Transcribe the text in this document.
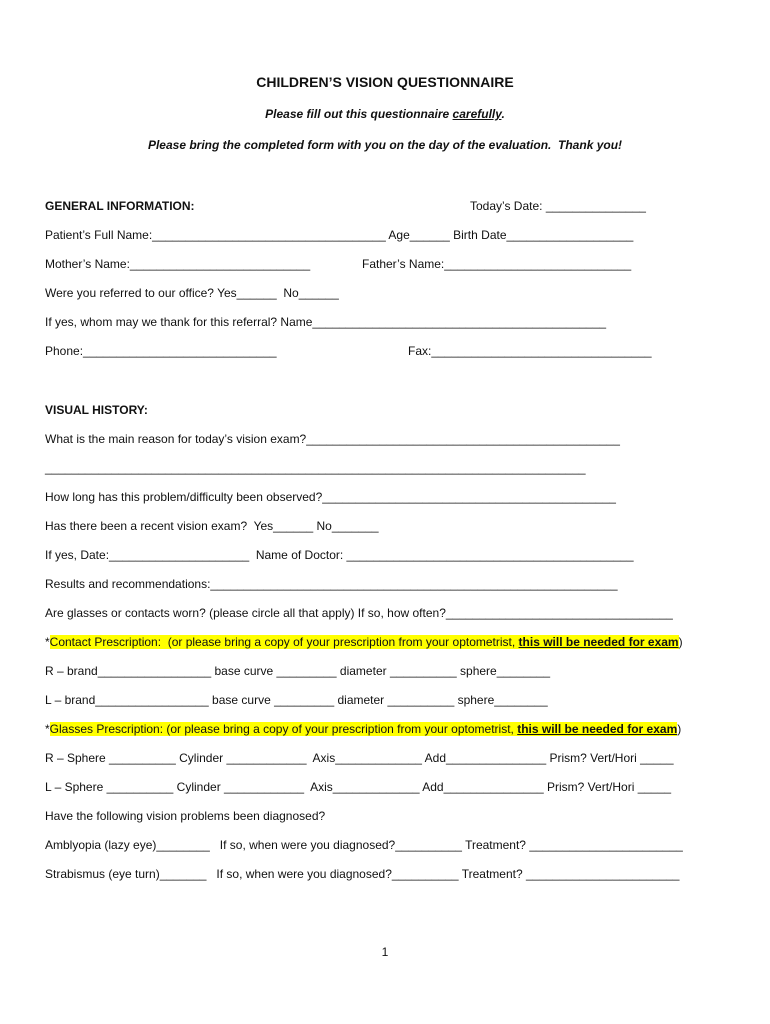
CHILDREN’S VISION QUESTIONNAIRE
Please fill out this questionnaire carefully.
Please bring the completed form with you on the day of the evaluation.  Thank you!
GENERAL INFORMATION:	Today’s Date: _______________
Patient’s Full Name:___________________________________ Age______ Birth Date___________________
Mother’s Name:___________________________	Father’s Name:____________________________
Were you referred to our office? Yes______  No______
If yes, whom may we thank for this referral? Name____________________________________________
Phone:_____________________________	Fax:_________________________________
VISUAL HISTORY:
What is the main reason for today’s vision exam?_______________________________________________
_________________________________________________________________________________
How long has this problem/difficulty been observed?____________________________________________
Has there been a recent vision exam?  Yes______ No_______
If yes, Date:_____________________  Name of Doctor: ___________________________________________
Results and recommendations:_____________________________________________________________
Are glasses or contacts worn? (please circle all that apply) If so, how often?__________________________________
*Contact Prescription:  (or please bring a copy of your prescription from your optometrist, this will be needed for exam)
R – brand_________________ base curve _________ diameter __________ sphere________
L – brand_________________ base curve _________ diameter __________ sphere________
*Glasses Prescription: (or please bring a copy of your prescription from your optometrist, this will be needed for exam)
R – Sphere __________ Cylinder ____________  Axis_____________ Add_______________ Prism? Vert/Hori _____
L – Sphere __________ Cylinder ____________  Axis_____________ Add_______________ Prism? Vert/Hori _____
Have the following vision problems been diagnosed?
Amblyopia (lazy eye)________   If so, when were you diagnosed?__________ Treatment? _______________________
Strabismus (eye turn)_______   If so, when were you diagnosed?__________ Treatment? _______________________
1
